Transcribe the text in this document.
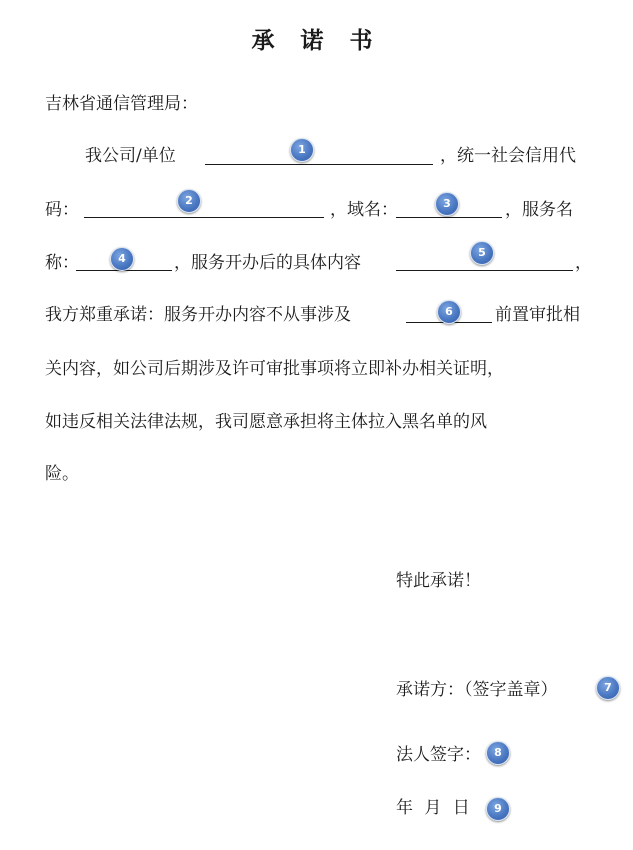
承 诺 书
吉林省通信管理局：
我公司/单位	，统一社会信用代
码：	，域名：	，服务名
称：	，服务开办后的具体内容	，
我方郑重承诺：服务开办内容不从事涉及	前置审批相
关内容，如公司后期涉及许可审批事项将立即补办相关证明，
如违反相关法律法规，我司愿意承担将主体拉入黑名单的风
险。
特此承诺！
承诺方：（签字盖章）
法人签字：
年 月 日
1
2	3
4	5
6
7
8
9
